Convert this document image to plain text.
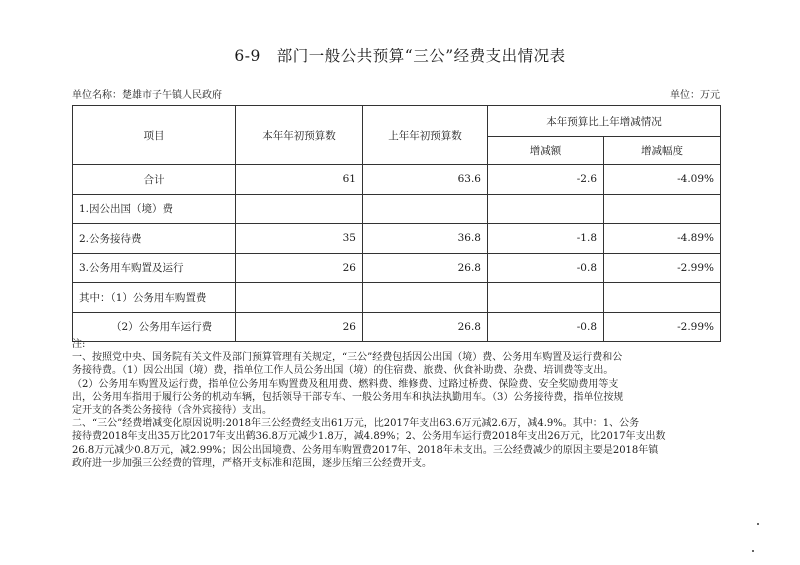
6-9　部门一般公共预算“三公”经费支出情况表
单位名称：楚雄市子午镇人民政府	单位：万元
项目	本年年初预算数	上年年初预算数	本年预算比上年增减情况	
			增减额	增减幅度
合计	61	63.6	-2.6	-4.09%
1.因公出国（境）费				
2.公务接待费	35	36.8	-1.8	-4.89%
3.公务用车购置及运行	26	26.8	-0.8	-2.99%
其中：（1）公务用车购置费				
（2）公务用车运行费	26	26.8	-0.8	-2.99%

注:

一、按照党中央、国务院有关文件及部门预算管理有关规定，“三公”经费包括因公出国（境）费、公务用车购置及运行费和公

务接待费。（1）因公出国（境）费，指单位工作人员公务出国（境）的住宿费、旅费、伙食补助费、杂费、培训费等支出。

（2）公务用车购置及运行费，指单位公务用车购置费及租用费、燃料费、维修费、过路过桥费、保险费、安全奖励费用等支

出，公务用车指用于履行公务的机动车辆，包括领导干部专车、一般公务用车和执法执勤用车。（3）公务接待费，指单位按规

定开支的各类公务接待（含外宾接待）支出。

二、“三公”经费增减变化原因说明:2018年三公经费经支出61万元，比2017年支出63.6万元减2.6万，减4.9%。其中：1、公务

接待费2018年支出35万比2017年支出鹤36.8万元减少1.8万，减4.89%；2、公务用车运行费2018年支出26万元，比2017年支出数

26.8万元减少0.8万元，减2.99%；因公出国境费、公务用车购置费2017年、2018年未支出。三公经费减少的原因主要是2018年镇

政府进一步加强三公经费的管理，严格开支标准和范围，逐步压缩三公经费开支。
